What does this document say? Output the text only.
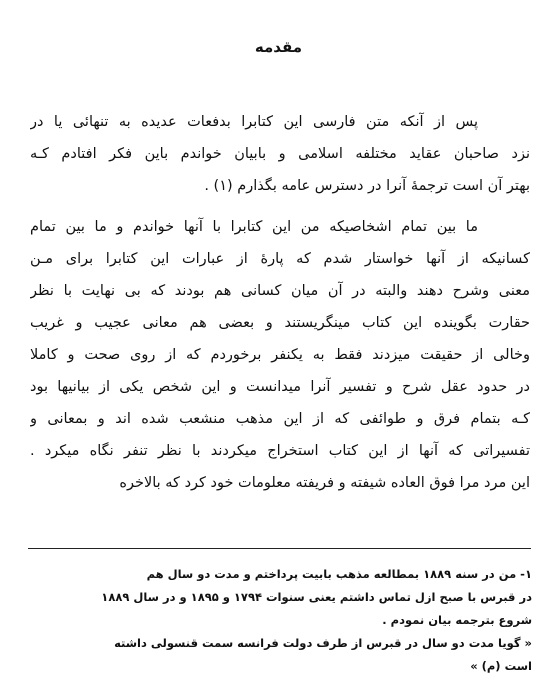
مقدمه
پس از آنکه متن فارسی این کتابرا بدفعات عدیده به تنهائی یا در
نزد صاحبان عقاید مختلفه اسلامی و بابیان خواندم باین فکر افتادم کـه
بهتر آن است ترجمهٔ آنرا در دسترس عامه بگذارم (۱) .
ما بین تمام اشخاصیکه من این کتابرا با آنها خواندم و ما بین تمام
کسانیکه از آنها خواستار شدم که پارهٔ از عبارات این کتابرا برای مـن
معنی وشرح دهند والبته در آن میان کسانی هم بودند که بی نهایت با نظر
حقارت بگوینده این کتاب مینگریستند و بعضی هم معانی عجیب و غریب
وخالی از حقیقت میزدند فقط به یکنفر برخوردم که از روی صحت و کاملا
در حدود عقل شرح و تفسیر آنرا میدانست و این شخص یکی از بیانیها بود
کـه بتمام فرق و طوائفی که از این مذهب منشعب شده اند و بمعانی و
تفسیراتی که آنها از این کتاب استخراج میکردند با نظر تنفر نگاه میکرد .
این مرد مرا فوق العاده شیفته و فریفته معلومات خود کرد که بالاخره
۱- من در سنه ۱۸۸۹ بمطالعه مذهب بابیت پرداختم و مدت دو سال هم
در قبرس با صبح ازل تماس داشتم یعنی سنوات ۱۷۹۴ و ۱۸۹۵ و در سال ۱۸۸۹
شروع بترجمه بیان نمودم .
« گویا مدت دو سال در قبرس از طرف دولت فرانسه سمت قنسولی داشته
است (م) »
